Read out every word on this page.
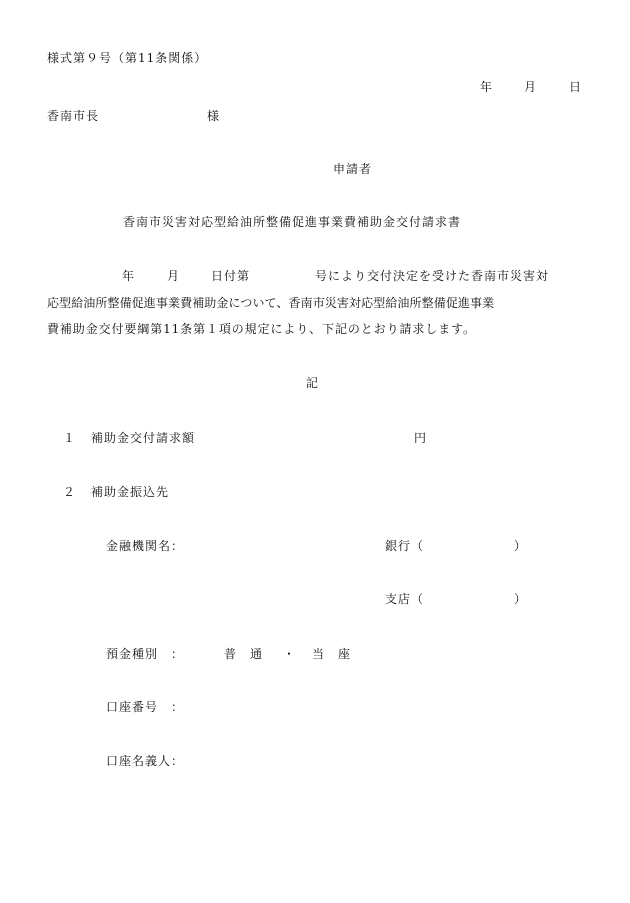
様式第９号（第11条関係）
年	月	日
香南市長	様
申請者
香南市災害対応型給油所整備促進事業費補助金交付請求書
年	月	日付第	号により交付決定を受けた香南市災害対
応型給油所整備促進事業費補助金について、香南市災害対応型給油所整備促進事業
費補助金交付要綱第11条第１項の規定により、下記のとおり請求します。
記
１ 補助金交付請求額	円
２ 補助金振込先
金融機関名：	銀行（	）
支店（	）
預金種別　：	普　通 ・ 当　座
口座番号　：
口座名義人：
